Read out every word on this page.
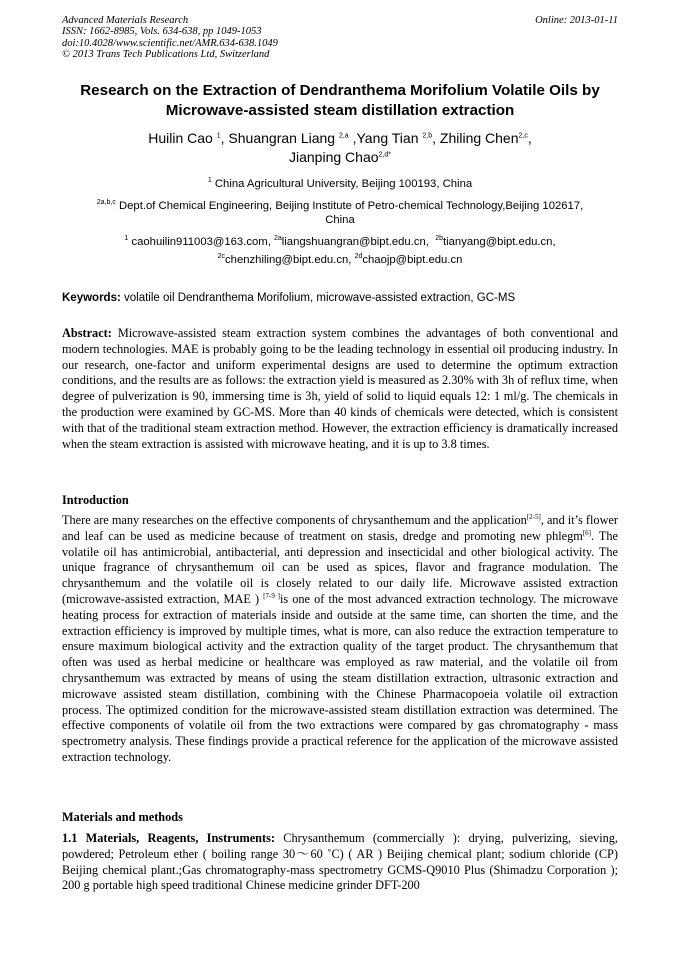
Advanced Materials Research
ISSN: 1662-8985, Vols. 634-638, pp 1049-1053
doi:10.4028/www.scientific.net/AMR.634-638.1049
© 2013 Trans Tech Publications Ltd, Switzerland
Online: 2013-01-11
Research on the Extraction of Dendranthema Morifolium Volatile Oils by
Microwave-assisted steam distillation extraction
Huilin Cao $^1$, Shuangran Liang $^{2,a}$ ,Yang Tian $^{2,b}$, Zhiling Chen$^{2,c}$,
Jianping Chao$^{2,d*}$
$^1$ China Agricultural University, Beijing 100193, China
$^{2a,b,c}$ Dept.of Chemical Engineering, Beijing Institute of Petro-chemical Technology,Beijing 102617,
China
$^1$ caohuilin911003@163.com, $^{2a}$liangshuangran@bipt.edu.cn, $^{2b}$tianyang@bipt.edu.cn,
$^{2c}$chenzhiling@bipt.edu.cn, $^{2d}$chaojp@bipt.edu.cn
Keywords: volatile oil Dendranthema Morifolium, microwave-assisted extraction, GC-MS
Abstract: Microwave-assisted steam extraction system combines the advantages of both conventional and modern technologies. MAE is probably going to be the leading technology in essential oil producing industry. In our research, one-factor and uniform experimental designs are used to determine the optimum extraction conditions, and the results are as follows: the extraction yield is measured as 2.30% with 3h of reflux time, when degree of pulverization is 90, immersing time is 3h, yield of solid to liquid equals 12: 1 ml/g. The chemicals in the production were examined by GC-MS. More than 40 kinds of chemicals were detected, which is consistent with that of the traditional steam extraction method. However, the extraction efficiency is dramatically increased when the steam extraction is assisted with microwave heating, and it is up to 3.8 times.
Introduction
There are many researches on the effective components of chrysanthemum and the application[2-5], and it’s flower and leaf can be used as medicine because of treatment on stasis, dredge and promoting new phlegm[6]. The volatile oil has antimicrobial, antibacterial, anti depression and insecticidal and other biological activity. The unique fragrance of chrysanthemum oil can be used as spices, flavor and fragrance modulation. The chrysanthemum and the volatile oil is closely related to our daily life. Microwave assisted extraction (microwave-assisted extraction, MAE ) [7-9 ]is one of the most advanced extraction technology. The microwave heating process for extraction of materials inside and outside at the same time, can shorten the time, and the extraction efficiency is improved by multiple times, what is more, can also reduce the extraction temperature to ensure maximum biological activity and the extraction quality of the target product. The chrysanthemum that often was used as herbal medicine or healthcare was employed as raw material, and the volatile oil from chrysanthemum was extracted by means of using the steam distillation extraction, ultrasonic extraction and microwave assisted steam distillation, combining with the Chinese Pharmacopoeia volatile oil extraction process. The optimized condition for the microwave-assisted steam distillation extraction was determined. The effective components of volatile oil from the two extractions were compared by gas chromatography - mass spectrometry analysis. These findings provide a practical reference for the application of the microwave assisted extraction technology.
Materials and methods
1.1 Materials, Reagents, Instruments: Chrysanthemum (commercially ): drying, pulverizing, sieving, powdered; Petroleum ether ( boiling range 30～60 ˚C) ( AR ) Beijing chemical plant; sodium chloride (CP) Beijing chemical plant.;Gas chromatography-mass spectrometry GCMS-Q9010 Plus (Shimadzu Corporation ); 200 g portable high speed traditional Chinese medicine grinder DFT-200
